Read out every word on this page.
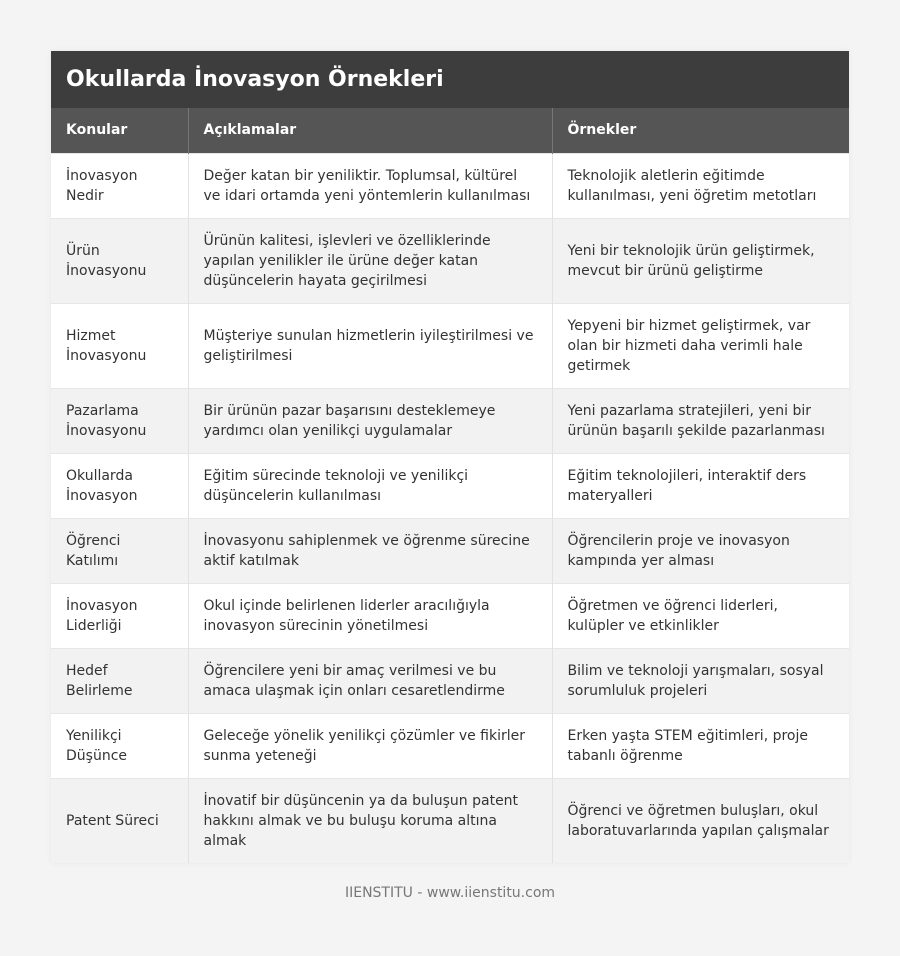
Okullarda İnovasyon Örnekleri
Konular	Açıklamalar	Örnekler
İnovasyon Nedir	Değer katan bir yeniliktir. Toplumsal, kültürel ve idari ortamda yeni yöntemlerin kullanılması	Teknolojik aletlerin eğitimde kullanılması, yeni öğretim metotları
Ürün İnovasyonu	Ürünün kalitesi, işlevleri ve özelliklerinde yapılan yenilikler ile ürüne değer katan düşüncelerin hayata geçirilmesi	Yeni bir teknolojik ürün geliştirmek, mevcut bir ürünü geliştirme
Hizmet İnovasyonu	Müşteriye sunulan hizmetlerin iyileştirilmesi ve geliştirilmesi	Yepyeni bir hizmet geliştirmek, var olan bir hizmeti daha verimli hale getirmek
Pazarlama İnovasyonu	Bir ürünün pazar başarısını desteklemeye yardımcı olan yenilikçi uygulamalar	Yeni pazarlama stratejileri, yeni bir ürünün başarılı şekilde pazarlanması
Okullarda İnovasyon	Eğitim sürecinde teknoloji ve yenilikçi düşüncelerin kullanılması	Eğitim teknolojileri, interaktif ders materyalleri
Öğrenci Katılımı	İnovasyonu sahiplenmek ve öğrenme sürecine aktif katılmak	Öğrencilerin proje ve inovasyon kampında yer alması
İnovasyon Liderliği	Okul içinde belirlenen liderler aracılığıyla inovasyon sürecinin yönetilmesi	Öğretmen ve öğrenci liderleri, kulüpler ve etkinlikler
Hedef Belirleme	Öğrencilere yeni bir amaç verilmesi ve bu amaca ulaşmak için onları cesaretlendirme	Bilim ve teknoloji yarışmaları, sosyal sorumluluk projeleri
Yenilikçi Düşünce	Geleceğe yönelik yenilikçi çözümler ve fikirler sunma yeteneği	Erken yaşta STEM eğitimleri, proje tabanlı öğrenme
Patent Süreci	İnovatif bir düşüncenin ya da buluşun patent hakkını almak ve bu buluşu koruma altına almak	Öğrenci ve öğretmen buluşları, okul laboratuvarlarında yapılan çalışmalar
IIENSTITU - www.iienstitu.com
